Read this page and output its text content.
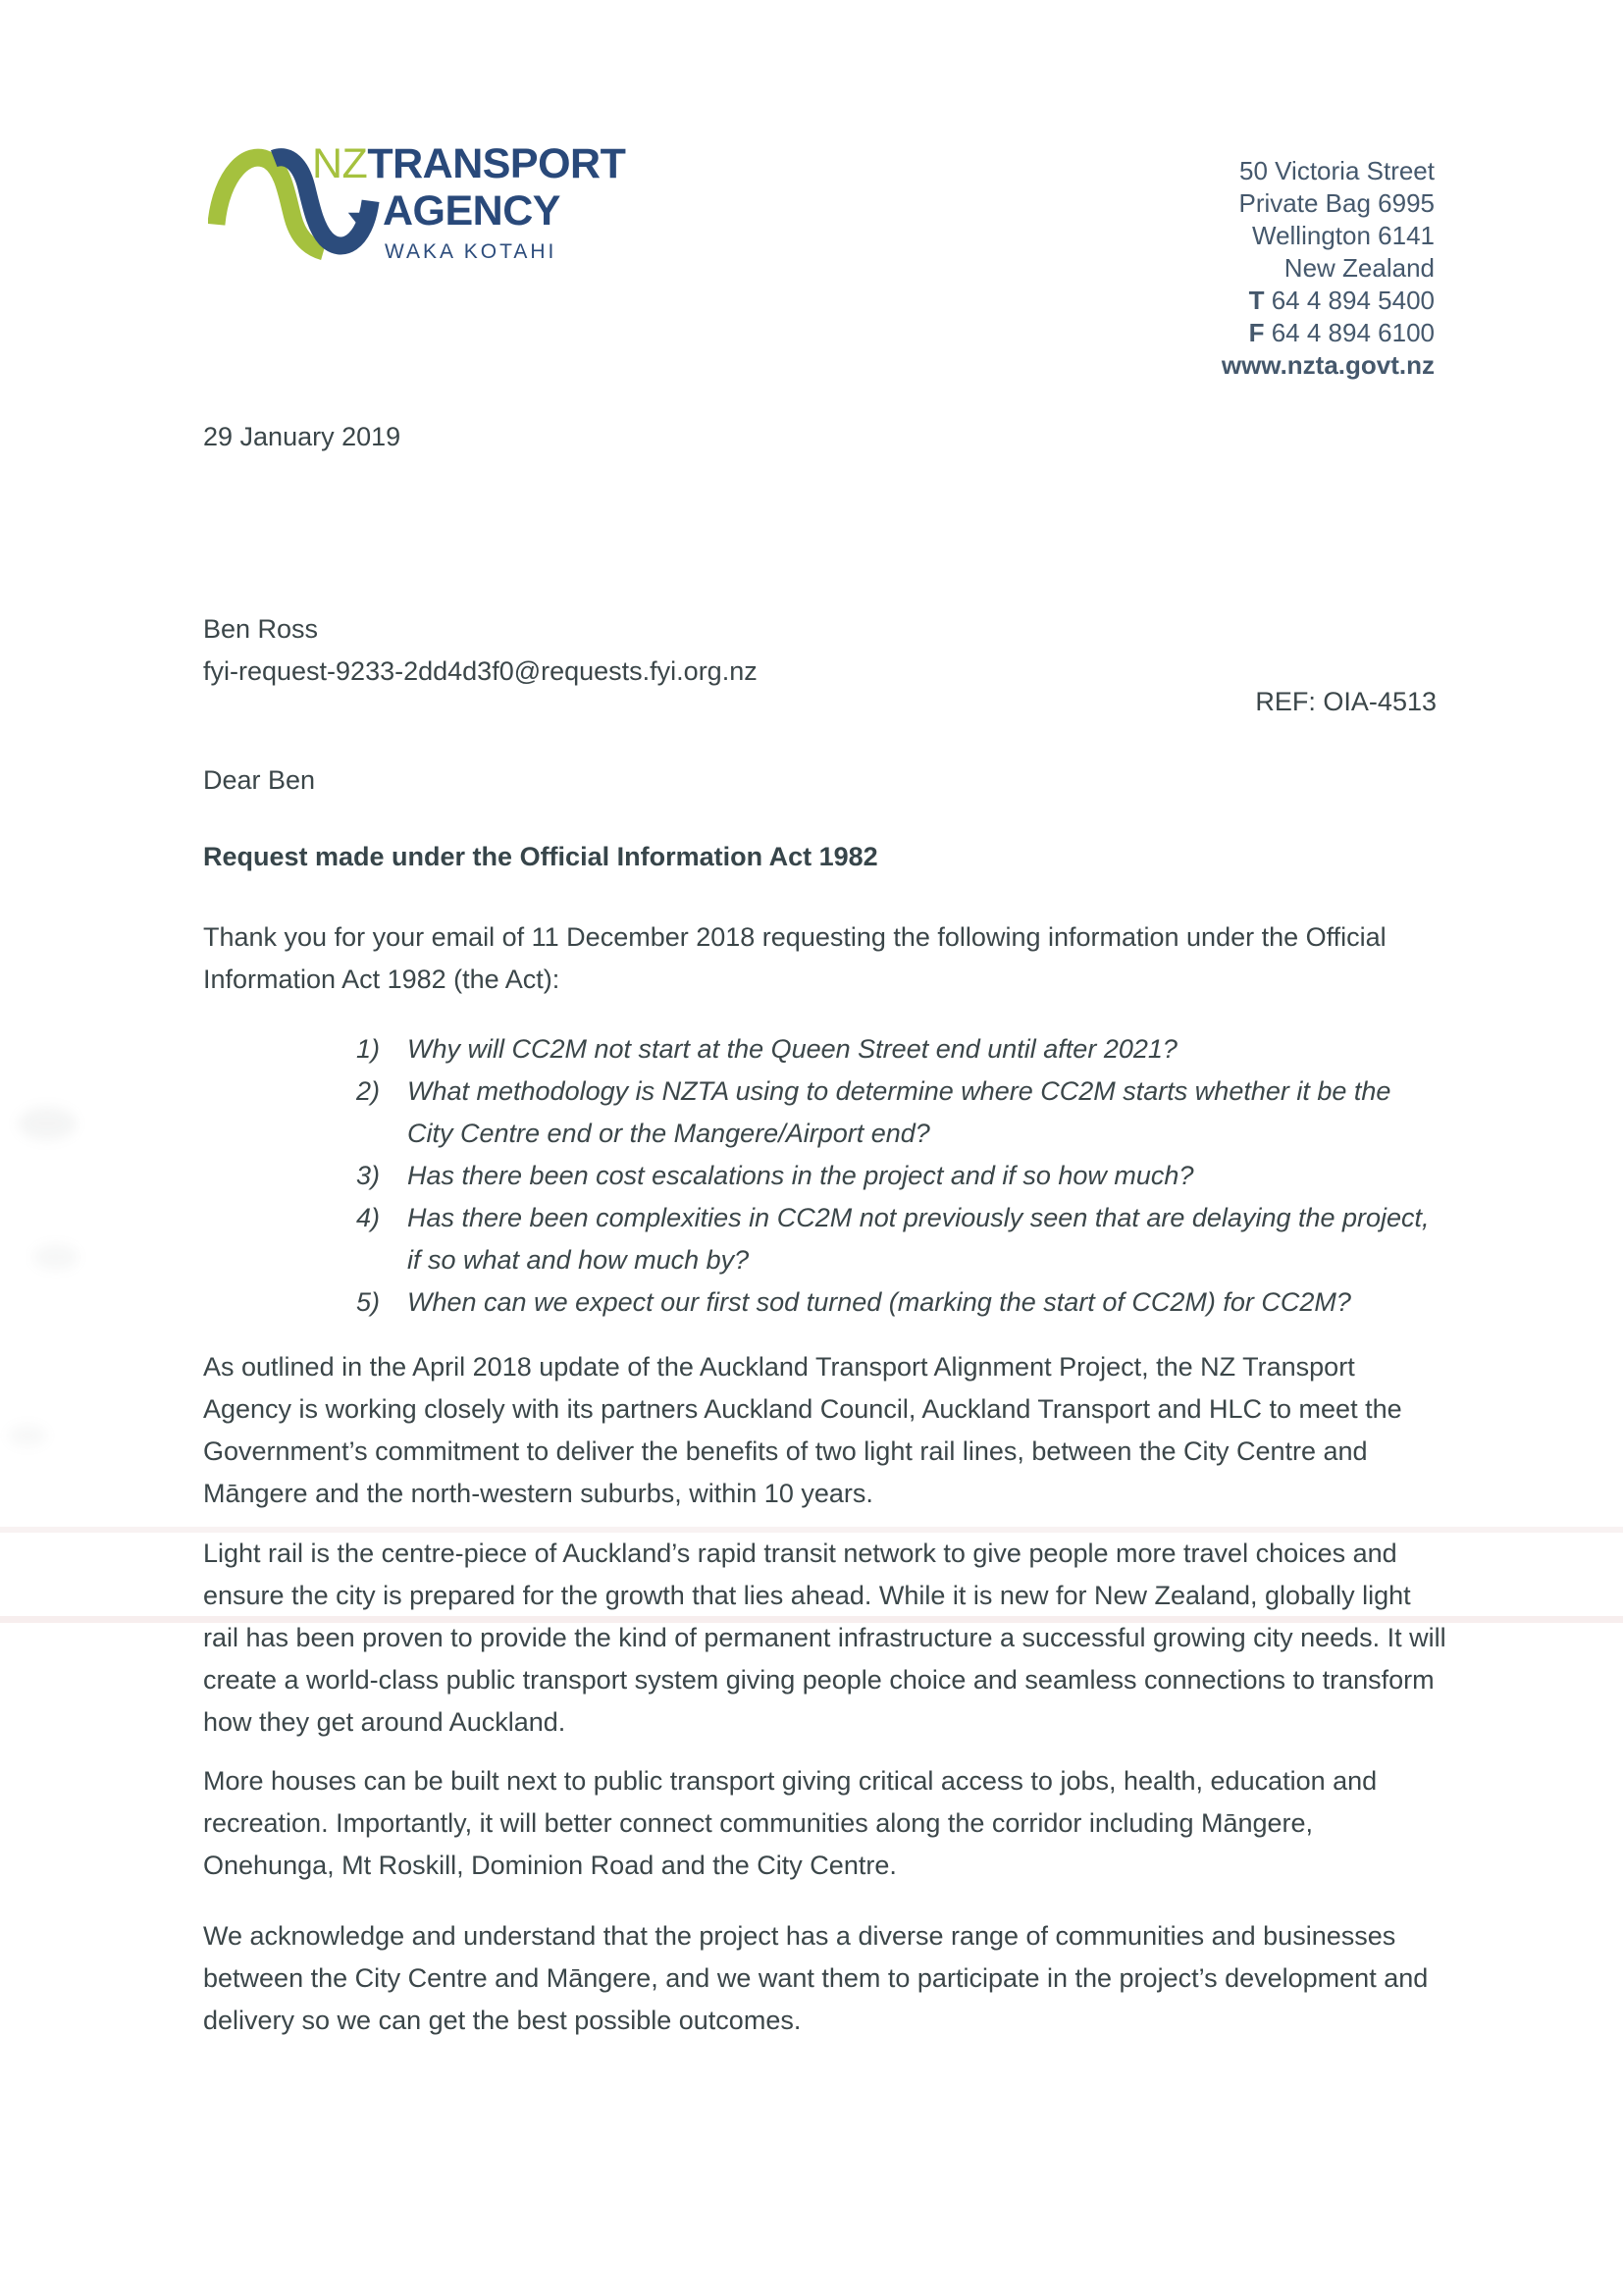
NZTRANSPORT
AGENCY
WAKA KOTAHI
50 Victoria Street
Private Bag 6995
Wellington 6141
New Zealand
T 64 4 894 5400
F 64 4 894 6100
www.nzta.govt.nz
29 January 2019
Ben Ross
fyi-request-9233-2dd4d3f0@requests.fyi.org.nz
REF: OIA-4513
Dear Ben
Request made under the Official Information Act 1982
Thank you for your email of 11 December 2018 requesting the following information under the Official Information Act 1982 (the Act):
1)	Why will CC2M not start at the Queen Street end until after 2021?
2)	What methodology is NZTA using to determine where CC2M starts whether it be the City Centre end or the Mangere/Airport end?
3)	Has there been cost escalations in the project and if so how much?
4)	Has there been complexities in CC2M not previously seen that are delaying the project, if so what and how much by?
5)	When can we expect our first sod turned (marking the start of CC2M) for CC2M?
As outlined in the April 2018 update of the Auckland Transport Alignment Project, the NZ Transport Agency is working closely with its partners Auckland Council, Auckland Transport and HLC to meet the Government’s commitment to deliver the benefits of two light rail lines, between the City Centre and Māngere and the north-western suburbs, within 10 years.
Light rail is the centre-piece of Auckland’s rapid transit network to give people more travel choices and ensure the city is prepared for the growth that lies ahead. While it is new for New Zealand, globally light rail has been proven to provide the kind of permanent infrastructure a successful growing city needs. It will create a world-class public transport system giving people choice and seamless connections to transform how they get around Auckland.
More houses can be built next to public transport giving critical access to jobs, health, education and recreation. Importantly, it will better connect communities along the corridor including Māngere, Onehunga, Mt Roskill, Dominion Road and the City Centre.
We acknowledge and understand that the project has a diverse range of communities and businesses between the City Centre and Māngere, and we want them to participate in the project’s development and delivery so we can get the best possible outcomes.
